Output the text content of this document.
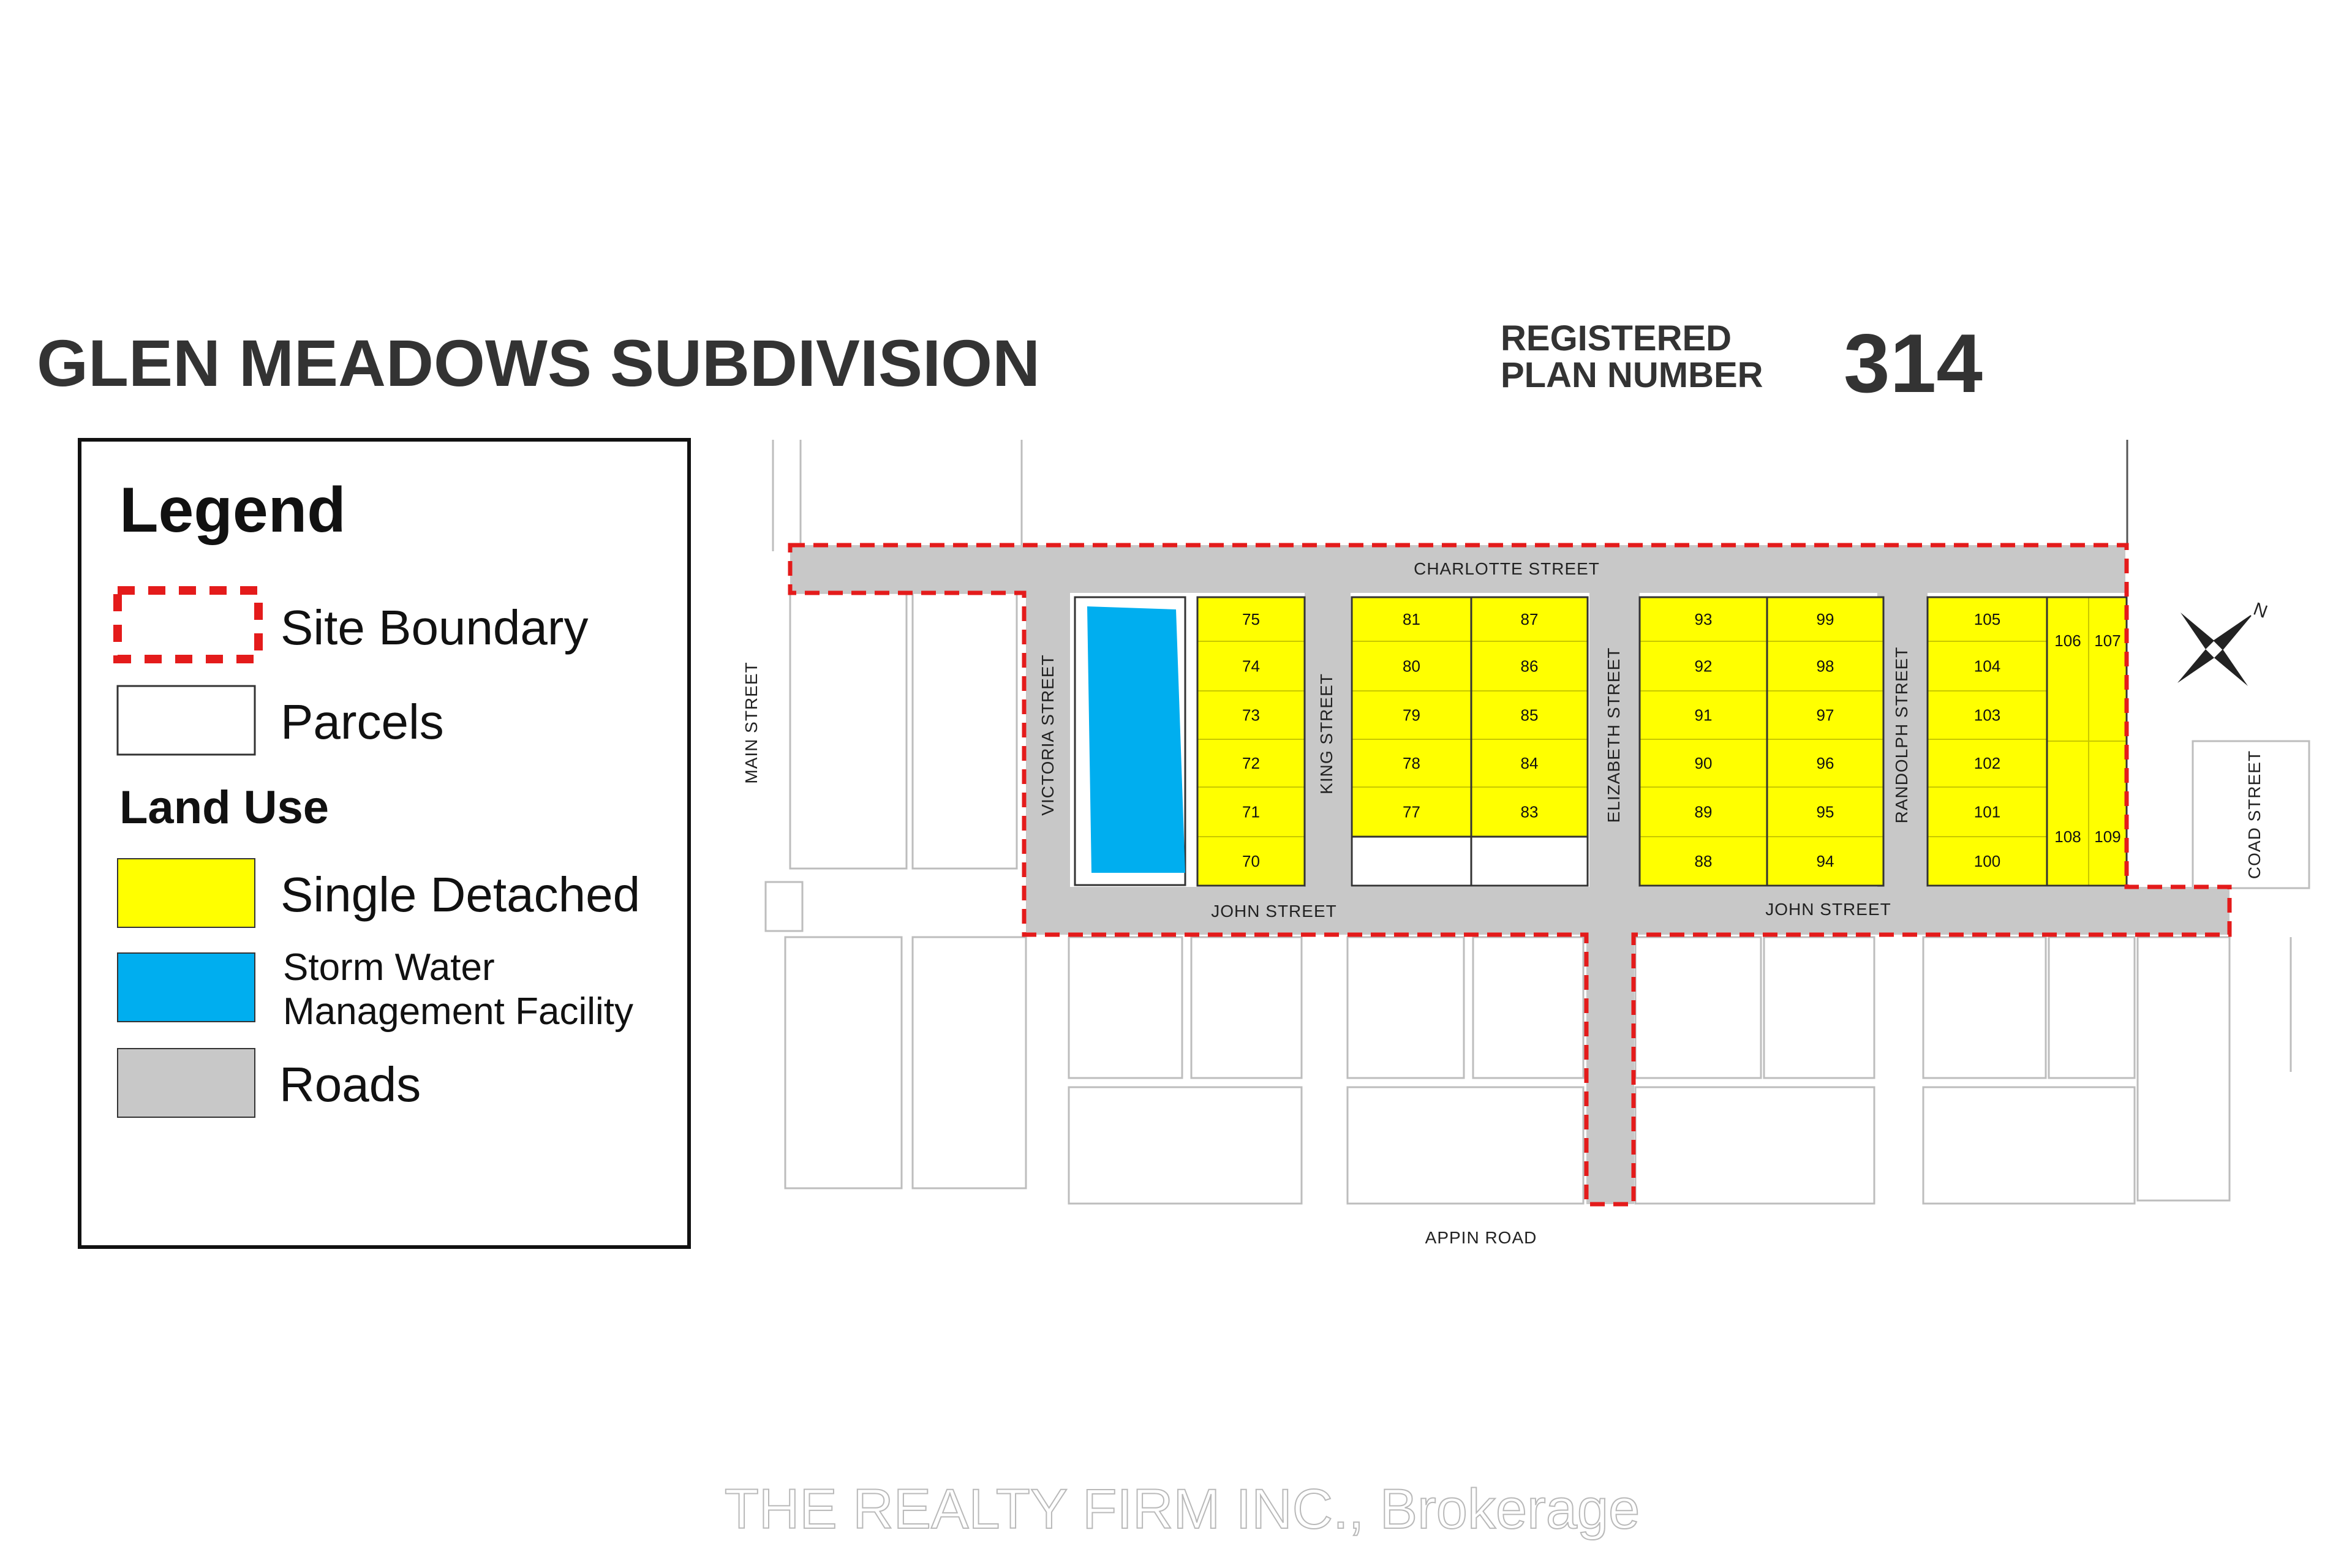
GLEN MEADOWS SUBDIVISION	REGISTERED
PLAN NUMBER 314
Legend
Site Boundary
Parcels
Land Use
Single Detached
Storm Water
Management Facility
Roads
75
74
73
72
71
70
81
80
79
78
77
87
86
85
84
83
93
92
91
90
89
88
99
98
97
96
95
94
105
104
103
102
101
100
106 107
108 109
CHARLOTTE STREET
JOHN STREET	JOHN STREET
APPIN ROAD
MAIN STREET	VICTORIA STREET	KING STREET	ELIZABETH STREET	RANDOLPH STREET	COAD STREET
N
THE REALTY FIRM INC., Brokerage
